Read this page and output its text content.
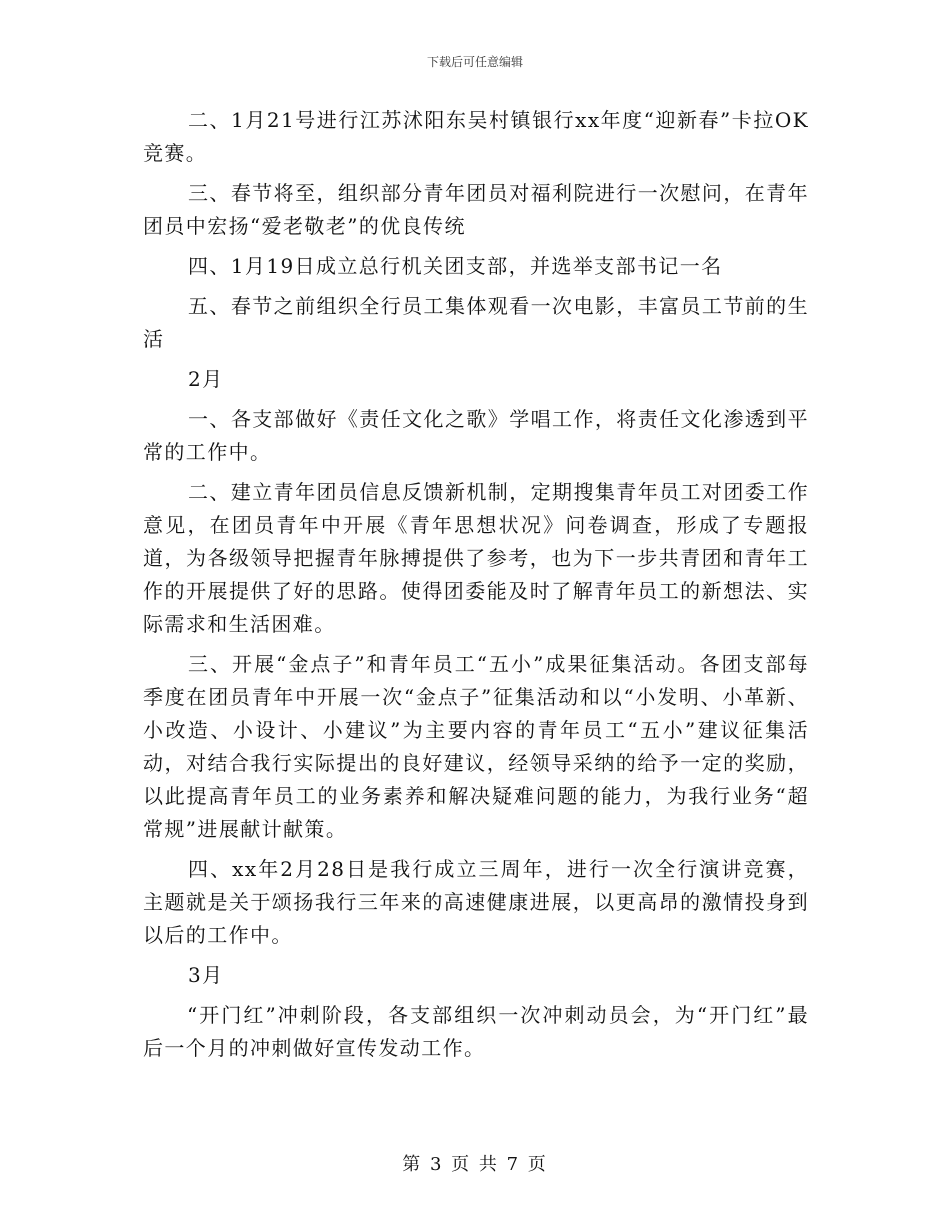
下载后可任意编辑

二、1月21号进行江苏沭阳东吴村镇银行xx年度“迎新春”卡拉OK竞赛。

三、春节将至，组织部分青年团员对福利院进行一次慰问，在青年团员中宏扬“爱老敬老”的优良传统

四、1月19日成立总行机关团支部，并选举支部书记一名

五、春节之前组织全行员工集体观看一次电影，丰富员工节前的生活

2月

一、各支部做好《责任文化之歌》学唱工作，将责任文化渗透到平常的工作中。

二、建立青年团员信息反馈新机制，定期搜集青年员工对团委工作意见，在团员青年中开展《青年思想状况》问卷调查，形成了专题报道，为各级领导把握青年脉搏提供了参考，也为下一步共青团和青年工作的开展提供了好的思路。使得团委能及时了解青年员工的新想法、实际需求和生活困难。

三、开展“金点子”和青年员工“五小”成果征集活动。各团支部每季度在团员青年中开展一次“金点子”征集活动和以“小发明、小革新、小改造、小设计、小建议”为主要内容的青年员工“五小”建议征集活动，对结合我行实际提出的良好建议，经领导采纳的给予一定的奖励，以此提高青年员工的业务素养和解决疑难问题的能力，为我行业务“超常规”进展献计献策。

四、xx年2月28日是我行成立三周年，进行一次全行演讲竞赛，主题就是关于颂扬我行三年来的高速健康进展，以更高昂的激情投身到以后的工作中。

3月

“开门红”冲刺阶段，各支部组织一次冲刺动员会，为“开门红”最后一个月的冲刺做好宣传发动工作。

第 3 页 共 7 页
